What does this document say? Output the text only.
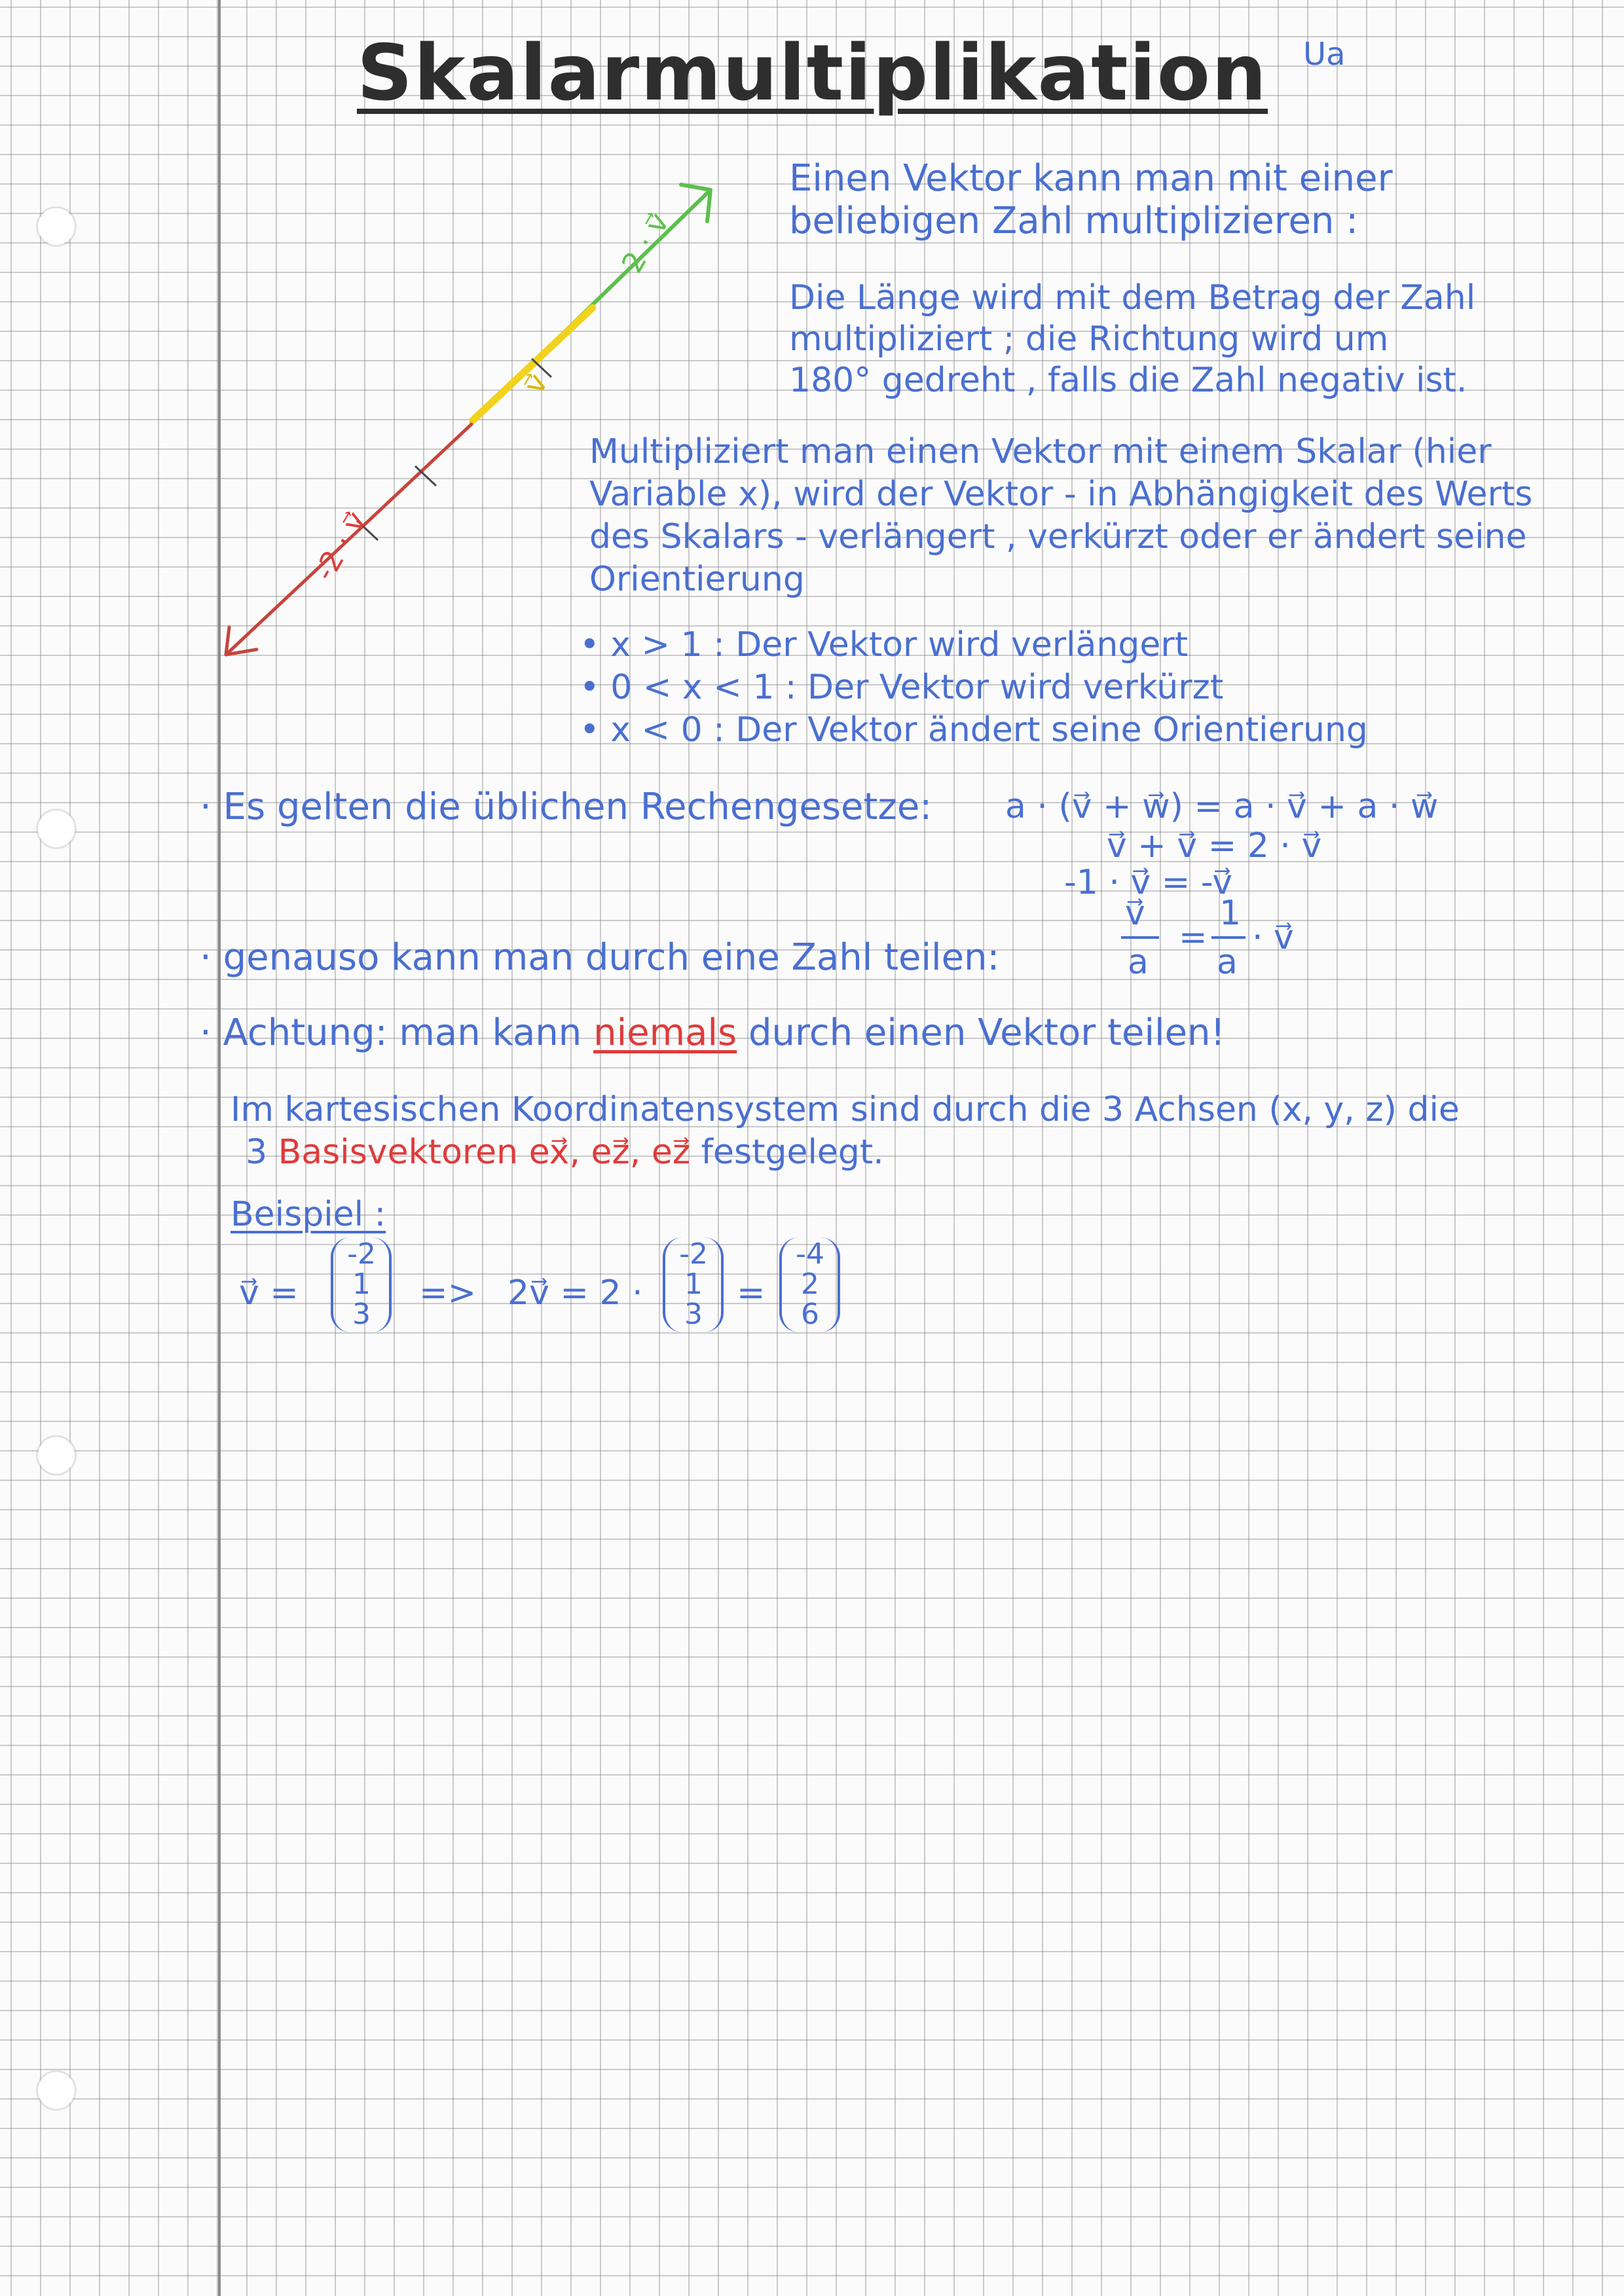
Skalarmultiplikation Ua

2 · v⃗

v⃗

-2 · v⃗

Einen Vektor kann man mit einer

beliebigen Zahl multiplizieren :

Die Länge wird mit dem Betrag der Zahl

multipliziert ; die Richtung wird um

180° gedreht , falls die Zahl negativ ist.

Multipliziert man einen Vektor mit einem Skalar (hier

Variable x), wird der Vektor - in Abhängigkeit des Werts

des Skalars - verlängert , verkürzt oder er ändert seine

Orientierung

• x > 1 : Der Vektor wird verlängert

• 0 < x < 1 : Der Vektor wird verkürzt

• x < 0 : Der Vektor ändert seine Orientierung

· Es gelten die üblichen Rechengesetze: a · (v⃗ + w⃗) = a · v⃗ + a · w⃗

v⃗ + v⃗ = 2 · v⃗

-1 · v⃗ = -v⃗

v⃗

a

=

1

a

· v⃗

· genauso kann man durch eine Zahl teilen:

· Achtung: man kann niemals durch einen Vektor teilen!

Im kartesischen Koordinatensystem sind durch die 3 Achsen (x, y, z) die

3 Basisvektoren ex⃗, ez⃗, ez⃗ festgelegt.

Beispiel :

v⃗ =

-2

1

3

=> 2v⃗ = 2 ·

-2

1

3

=

-4

2

6
